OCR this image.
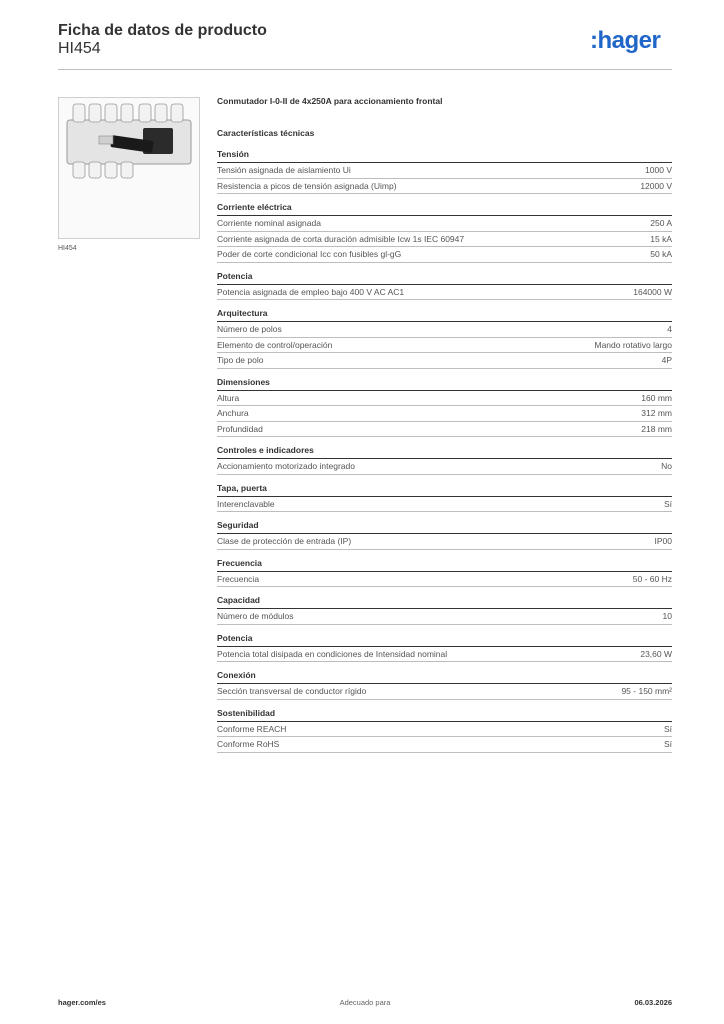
Ficha de datos de producto
HI454	:hager
HI454
Conmutador I-0-II de 4x250A para accionamiento frontal
Características técnicas
Tensión
Tensión asignada de aislamiento Ui	1000 V
Resistencia a picos de tensión asignada (Uimp)	12000 V
Corriente eléctrica
Corriente nominal asignada	250 A
Corriente asignada de corta duración admisible Icw 1s IEC 60947	15 kA
Poder de corte condicional Icc con fusibles gl-gG	50 kA
Potencia
Potencia asignada de empleo bajo 400 V AC AC1	164000 W
Arquitectura
Número de polos	4
Elemento de control/operación	Mando rotativo largo
Tipo de polo	4P
Dimensiones
Altura	160 mm
Anchura	312 mm
Profundidad	218 mm
Controles e indicadores
Accionamiento motorizado integrado	No
Tapa, puerta
Interenclavable	Sí
Seguridad
Clase de protección de entrada (IP)	IP00
Frecuencia
Frecuencia	50 - 60 Hz
Capacidad
Número de módulos	10
Potencia
Potencia total disipada en condiciones de Intensidad nominal	23,60 W
Conexión
Sección transversal de conductor rígido	95 - 150 mm²
Sostenibilidad
Conforme REACH	Sí
Conforme RoHS	Sí
hager.com/es	Adecuado para	06.03.2026
